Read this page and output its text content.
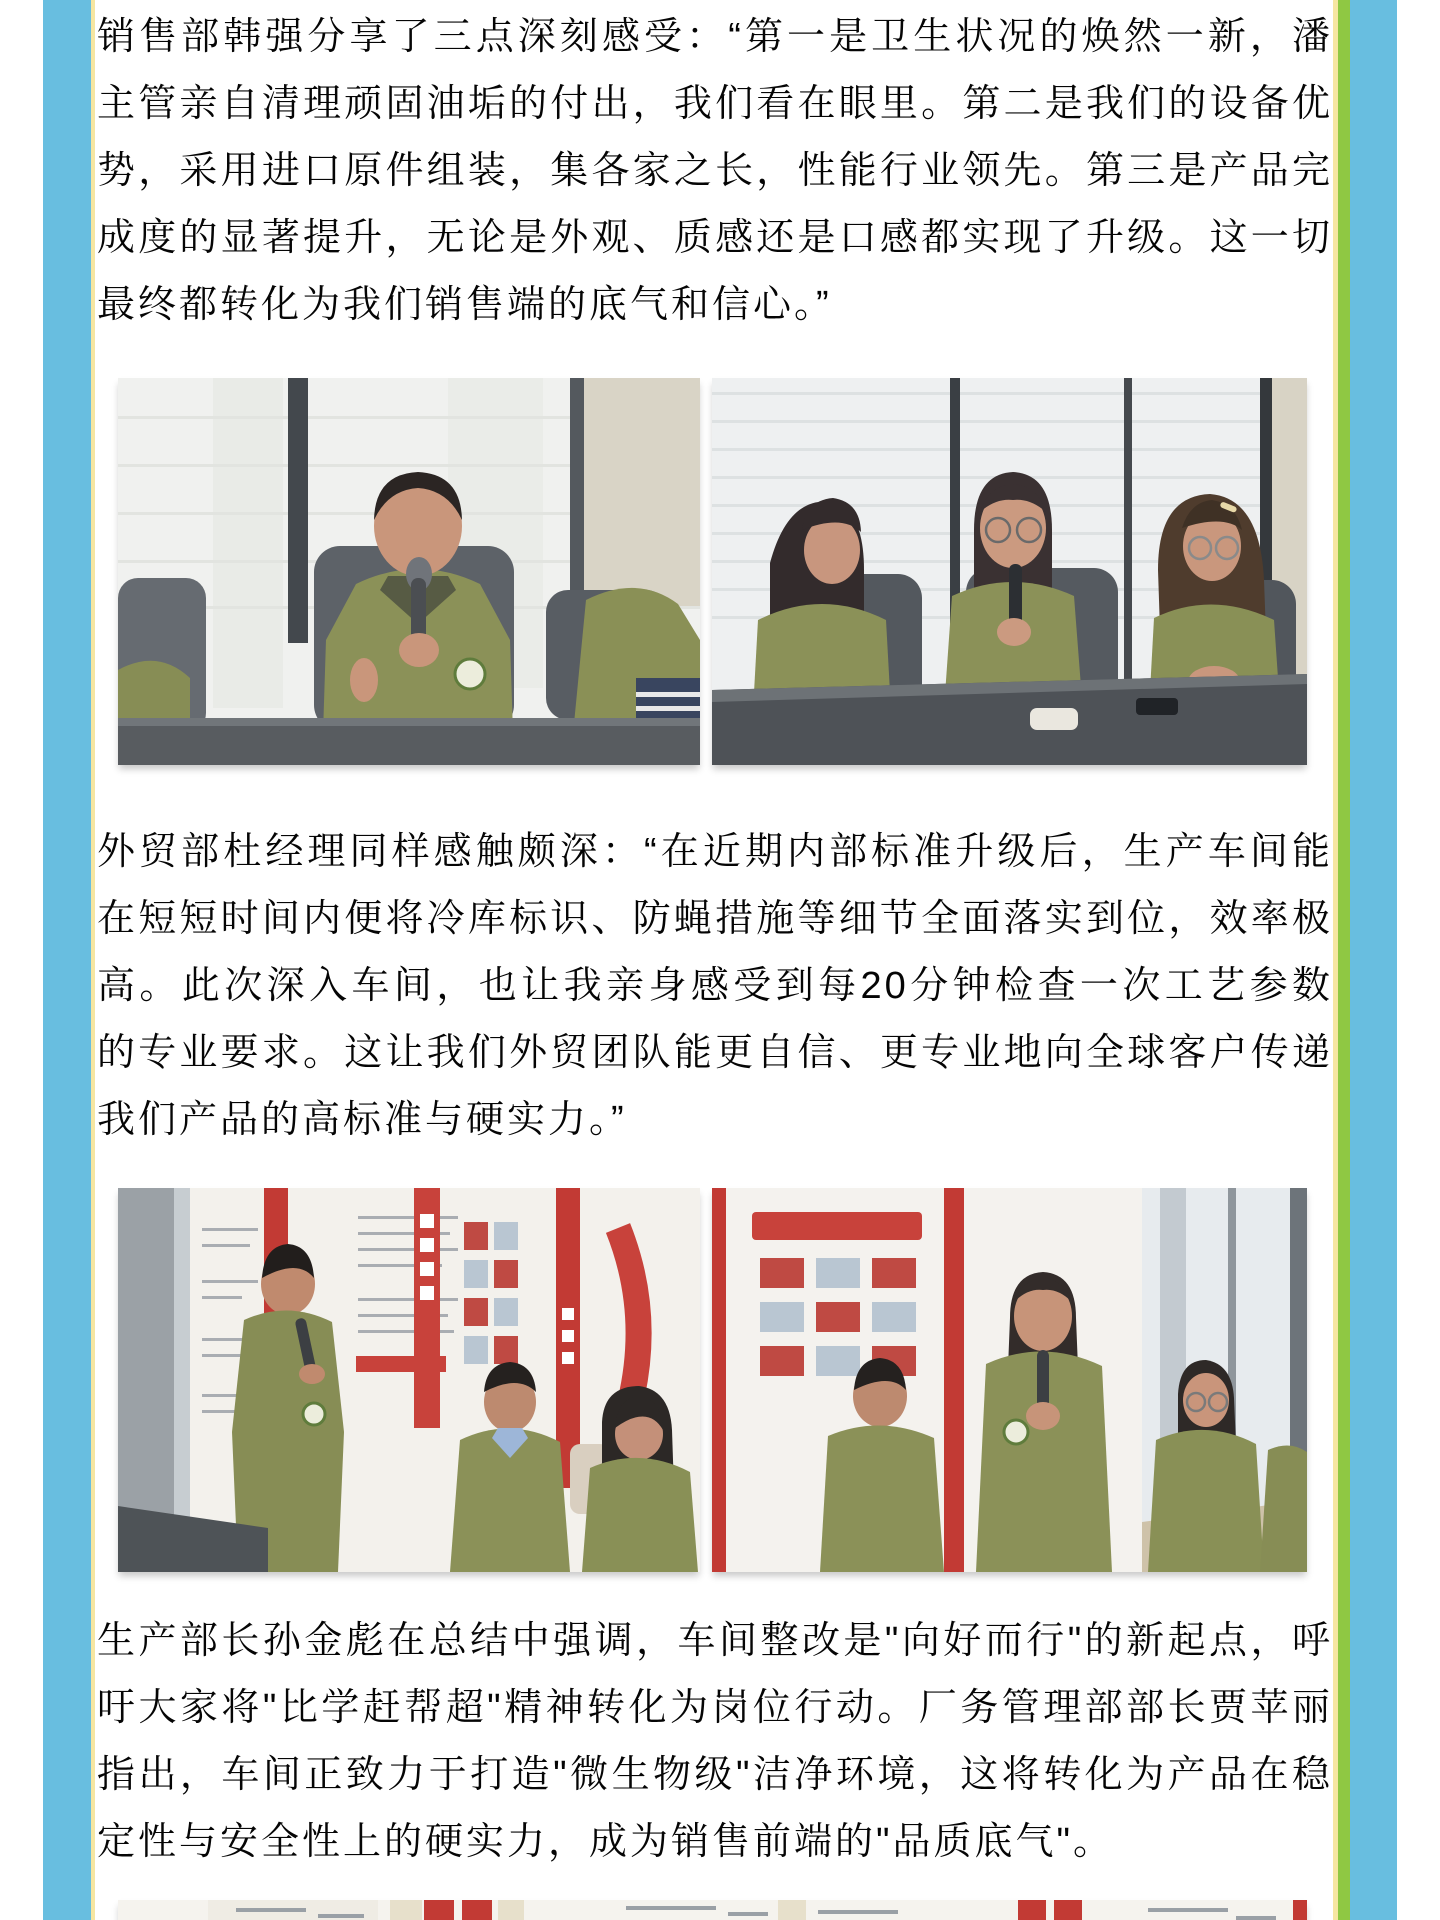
销售部韩强分享了三点深刻感受：“第一是卫生状况的焕然一新，潘主管亲自清理顽固油垢的付出，我们看在眼里。第二是我们的设备优势，采用进口原件组装，集各家之长，性能行业领先。第三是产品完成度的显著提升，无论是外观、质感还是口感都实现了升级。这一切最终都转化为我们销售端的底气和信心。”

外贸部杜经理同样感触颇深：“在近期内部标准升级后，生产车间能在短短时间内便将冷库标识、防蝇措施等细节全面落实到位，效率极高。此次深入车间，也让我亲身感受到每20分钟检查一次工艺参数的专业要求。这让我们外贸团队能更自信、更专业地向全球客户传递我们产品的高标准与硬实力。”

生产部长孙金彪在总结中强调，车间整改是"向好而行"的新起点，呼吁大家将"比学赶帮超"精神转化为岗位行动。厂务管理部部长贾苹丽指出，车间正致力于打造"微生物级"洁净环境，这将转化为产品在稳定性与安全性上的硬实力，成为销售前端的"品质底气"。
